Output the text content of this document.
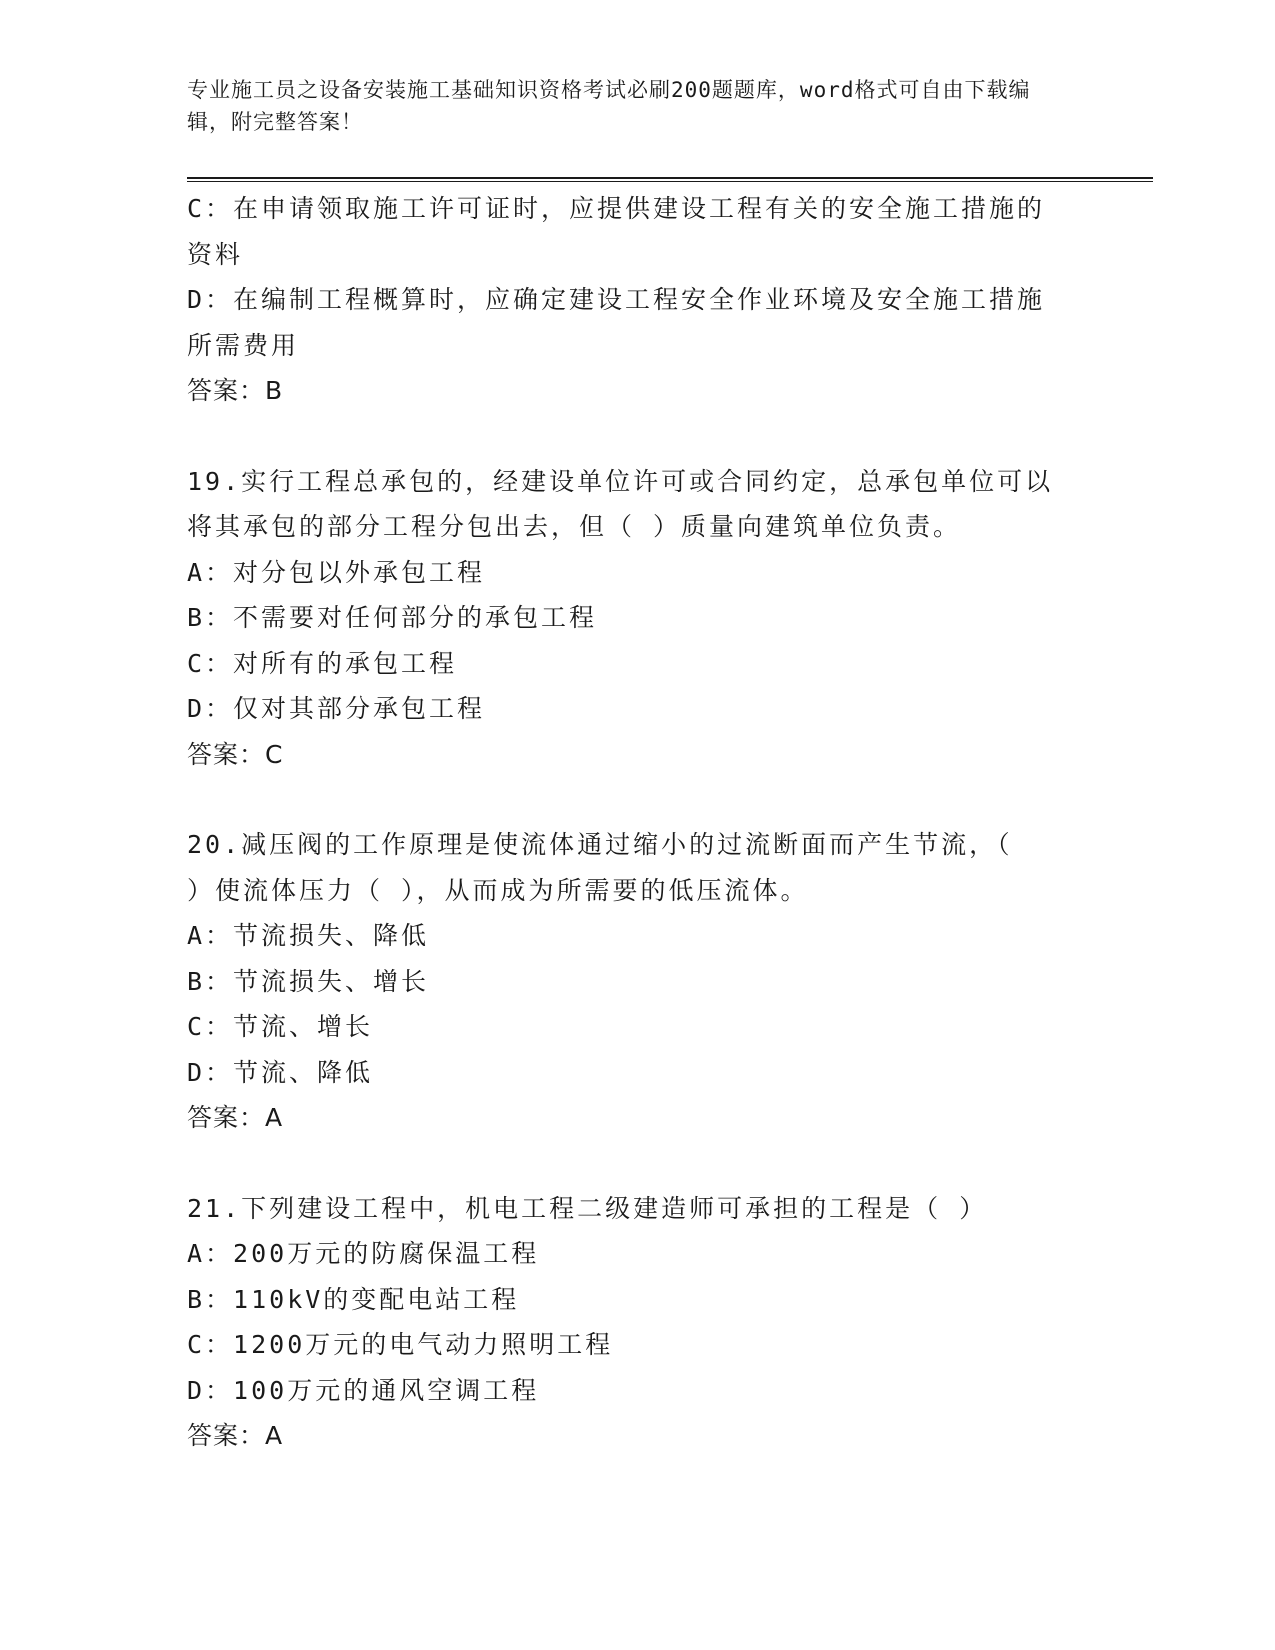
专业施工员之设备安装施工基础知识资格考试必刷200题题库，word格式可自由下载编辑，附完整答案！
C：在申请领取施工许可证时，应提供建设工程有关的安全施工措施的
资料
D：在编制工程概算时，应确定建设工程安全作业环境及安全施工措施
所需费用
答案：B
19.实行工程总承包的，经建设单位许可或合同约定，总承包单位可以
将其承包的部分工程分包出去，但（ ）质量向建筑单位负责。
A：对分包以外承包工程
B：不需要对任何部分的承包工程
C：对所有的承包工程
D：仅对其部分承包工程
答案：C
20.减压阀的工作原理是使流体通过缩小的过流断面而产生节流，（
）使流体压力（ ），从而成为所需要的低压流体。
A：节流损失、降低
B：节流损失、增长
C：节流、增长
D：节流、降低
答案：A
21.下列建设工程中，机电工程二级建造师可承担的工程是（ ）
A：200万元的防腐保温工程
B：110kV的变配电站工程
C：1200万元的电气动力照明工程
D：100万元的通风空调工程
答案：A
